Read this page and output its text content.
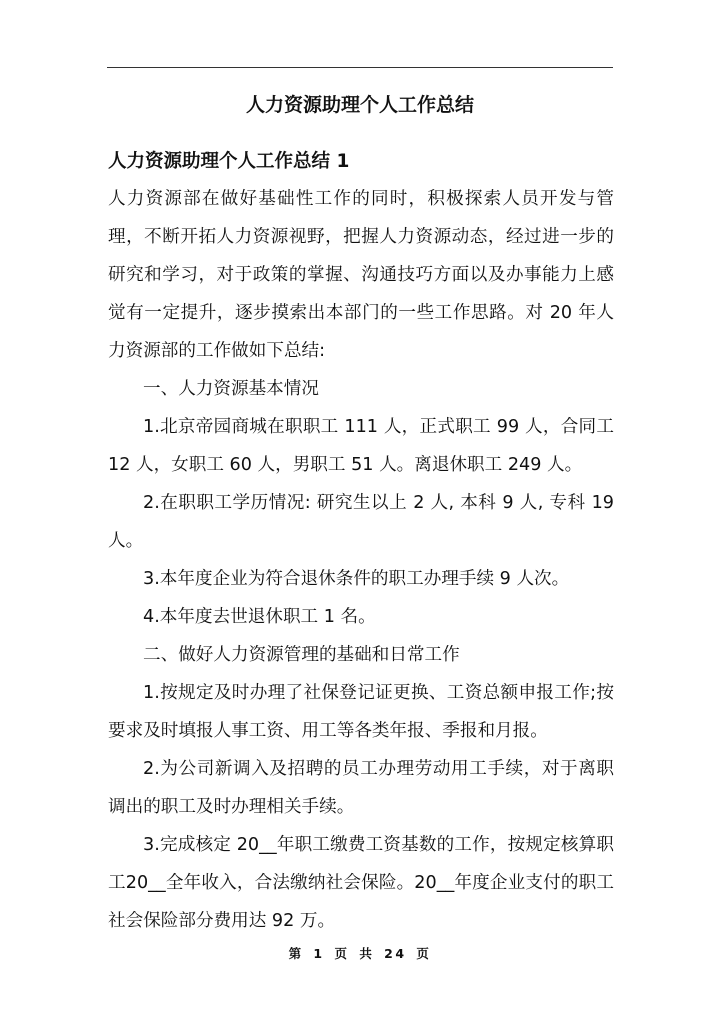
人力资源助理个人工作总结
人力资源助理个人工作总结 1

人力资源部在做好基础性工作的同时，积极探索人员开发与管理，不断开拓人力资源视野，把握人力资源动态，经过进一步的研究和学习，对于政策的掌握、沟通技巧方面以及办事能力上感觉有一定提升，逐步摸索出本部门的一些工作思路。对 20 年人力资源部的工作做如下总结:

一、人力资源基本情况

1.北京帝园商城在职职工 111 人，正式职工 99 人，合同工 12 人，女职工 60 人，男职工 51 人。离退休职工 249 人。

2.在职职工学历情况: 研究生以上 2 人, 本科 9 人, 专科 19 人。

3.本年度企业为符合退休条件的职工办理手续 9 人次。

4.本年度去世退休职工 1 名。

二、做好人力资源管理的基础和日常工作

1.按规定及时办理了社保登记证更换、工资总额申报工作;按要求及时填报人事工资、用工等各类年报、季报和月报。

2.为公司新调入及招聘的员工办理劳动用工手续，对于离职调出的职工及时办理相关手续。

3.完成核定 20__年职工缴费工资基数的工作，按规定核算职工20__全年收入，合法缴纳社会保险。20__年度企业支付的职工社会保险部分费用达 92 万。

第 1 页 共 24 页
